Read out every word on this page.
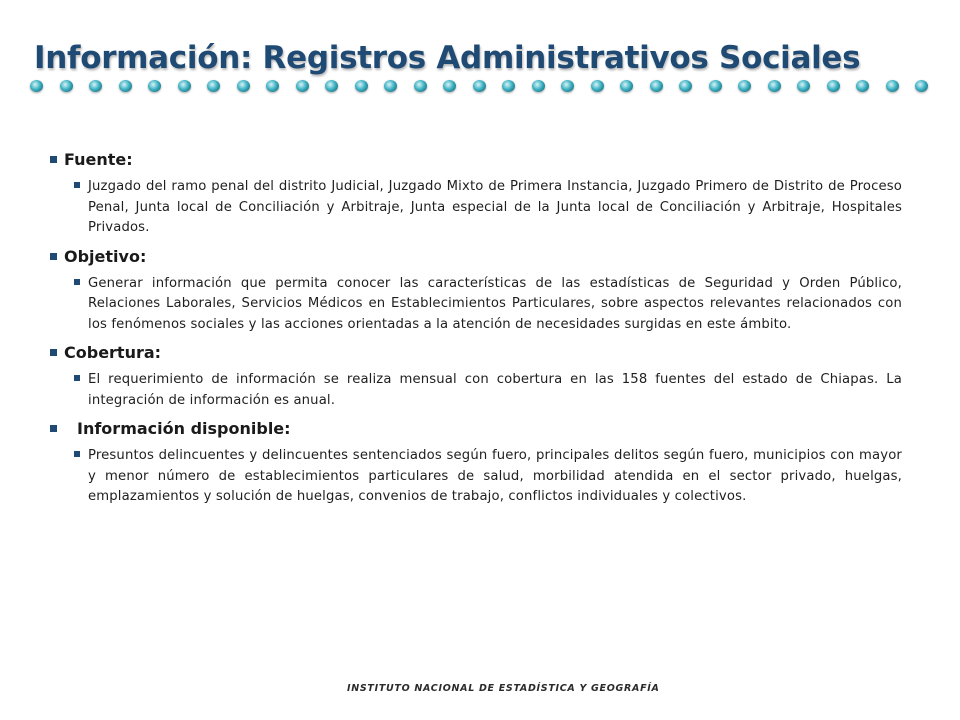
Información: Registros Administrativos Sociales
Fuente:

Juzgado del ramo penal del distrito Judicial, Juzgado Mixto de Primera Instancia, Juzgado Primero de Distrito de Proceso Penal, Junta local de Conciliación y Arbitraje, Junta especial de la Junta local de Conciliación y Arbitraje, Hospitales Privados.

Objetivo:

Generar información que permita conocer las características de las estadísticas de Seguridad y Orden Público, Relaciones Laborales, Servicios Médicos en Establecimientos Particulares, sobre aspectos relevantes relacionados con los fenómenos sociales y las acciones orientadas a la atención de necesidades surgidas en este ámbito.

Cobertura:

El requerimiento de información se realiza mensual con cobertura en las 158 fuentes del estado de Chiapas. La integración de información es anual.

Información disponible:

Presuntos delincuentes y delincuentes sentenciados según fuero, principales delitos según fuero, municipios con mayor y menor número de establecimientos particulares de salud, morbilidad atendida en el sector privado, huelgas, emplazamientos y solución de huelgas, convenios de trabajo, conflictos individuales y colectivos.

INSTITUTO NACIONAL DE ESTADÍSTICA Y GEOGRAFÍA
